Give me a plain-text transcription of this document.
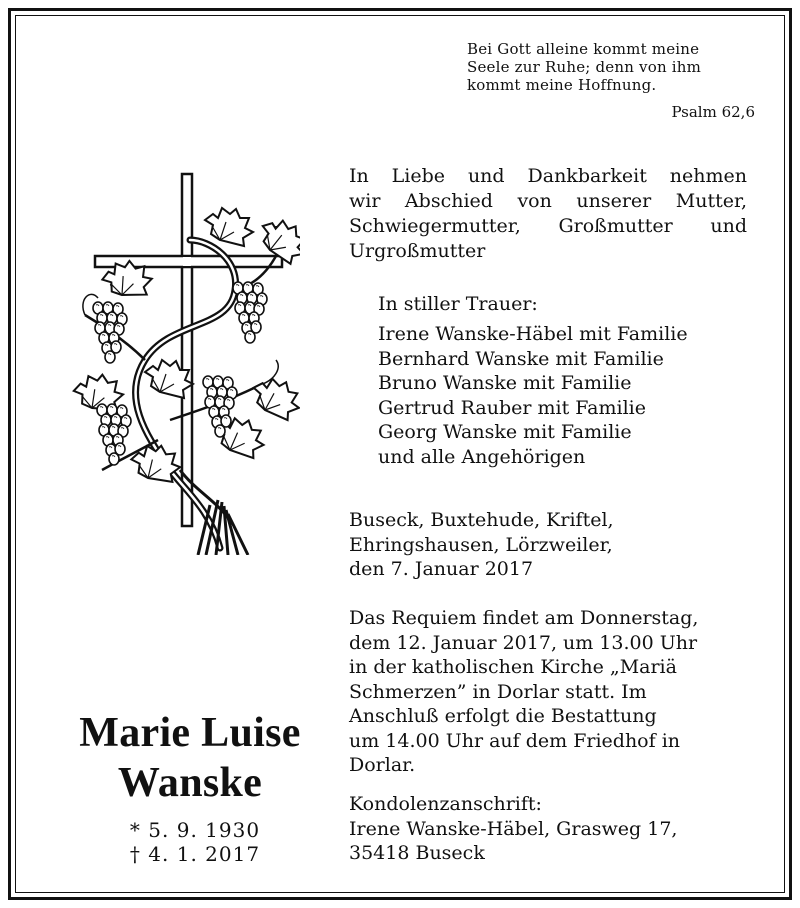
Bei Gott alleine kommt meine
Seele zur Ruhe; denn von ihm
kommt meine Hoffnung.
Psalm 62,6
In Liebe und Dankbarkeit nehmen
wir Abschied von unserer Mutter,
Schwiegermutter, Großmutter und
Urgroßmutter
In stiller Trauer:
Irene Wanske-Häbel mit Familie
Bernhard Wanske mit Familie
Bruno Wanske mit Familie
Gertrud Rauber mit Familie
Georg Wanske mit Familie
und alle Angehörigen
Buseck, Buxtehude, Kriftel,
Ehringshausen, Lörzweiler,
den 7. Januar 2017
Das Requiem findet am Donnerstag,
dem 12. Januar 2017, um 13.00 Uhr
in der katholischen Kirche „Mariä
Schmerzen” in Dorlar statt. Im
Anschluß erfolgt die Bestattung
um 14.00 Uhr auf dem Friedhof in
Dorlar.
Kondolenzanschrift:
Irene Wanske-Häbel, Grasweg 17,
35418 Buseck
Marie Luise
Wanske
* 5. 9. 1930
† 4. 1. 2017
